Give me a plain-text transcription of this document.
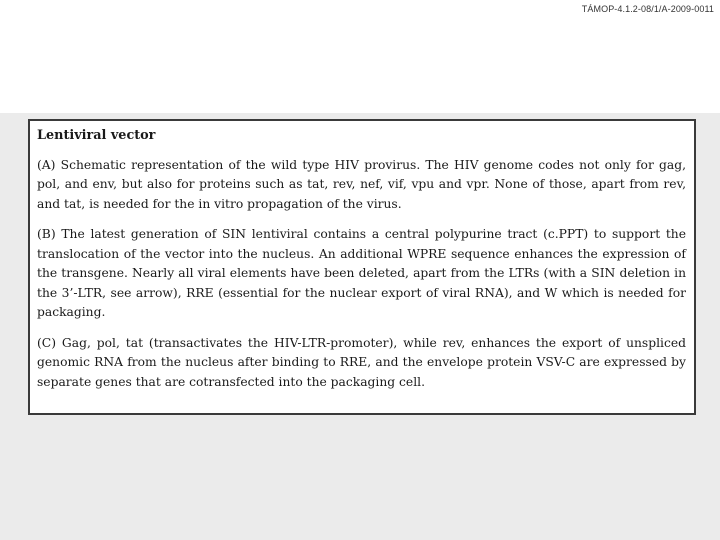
TÁMOP-4.1.2-08/1/A-2009-0011
Lentiviral vector

(A) Schematic representation of the wild type HIV provirus. The HIV genome codes not only for gag, pol, and env, but also for proteins such as tat, rev, nef, vif, vpu and vpr. None of those, apart from rev, and tat, is needed for the in vitro propagation of the virus.

(B) The latest generation of SIN lentiviral contains a central polypurine tract (c.PPT) to support the translocation of the vector into the nucleus. An additional WPRE sequence enhances the expression of the transgene. Nearly all viral elements have been deleted, apart from the LTRs (with a SIN deletion in the 3’-LTR, see arrow), RRE (essential for the nuclear export of viral RNA), and W which is needed for packaging.

(C) Gag, pol, tat (transactivates the HIV-LTR-promoter), while rev, enhances the export of unspliced genomic RNA from the nucleus after binding to RRE, and the envelope protein VSV-C are expressed by separate genes that are cotransfected into the packaging cell.
